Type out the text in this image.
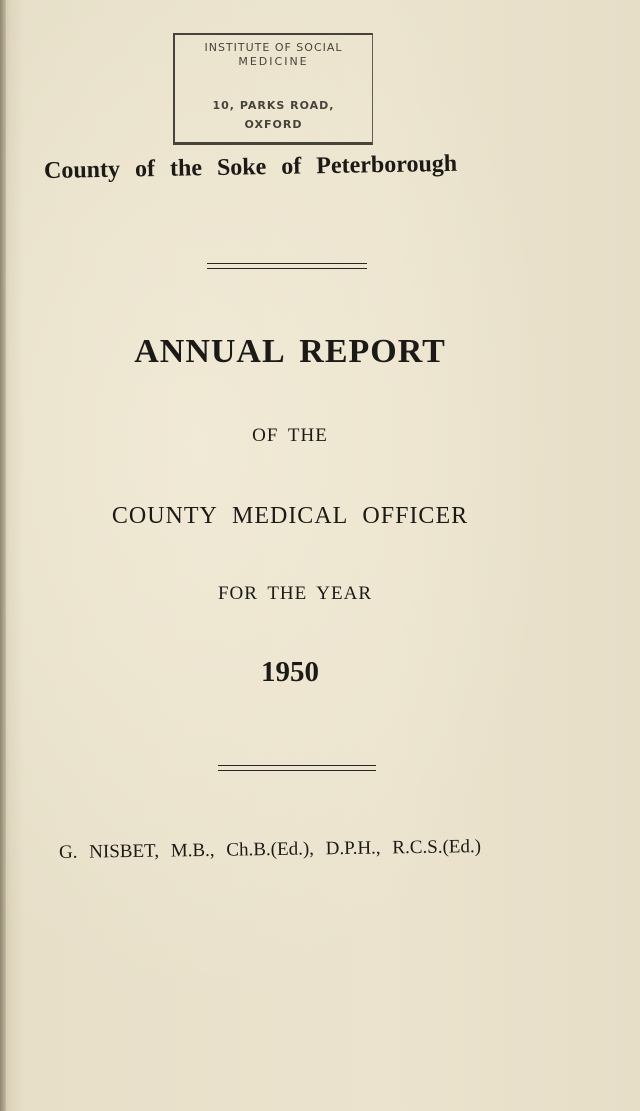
INSTITUTE OF SOCIAL
MEDICINE
10, PARKS ROAD,
OXFORD
County of the Soke of Peterborough
ANNUAL REPORT
OF THE
COUNTY MEDICAL OFFICER
FOR THE YEAR
1950
G. NISBET, M.B., Ch.B.(Ed.), D.P.H., R.C.S.(Ed.)
